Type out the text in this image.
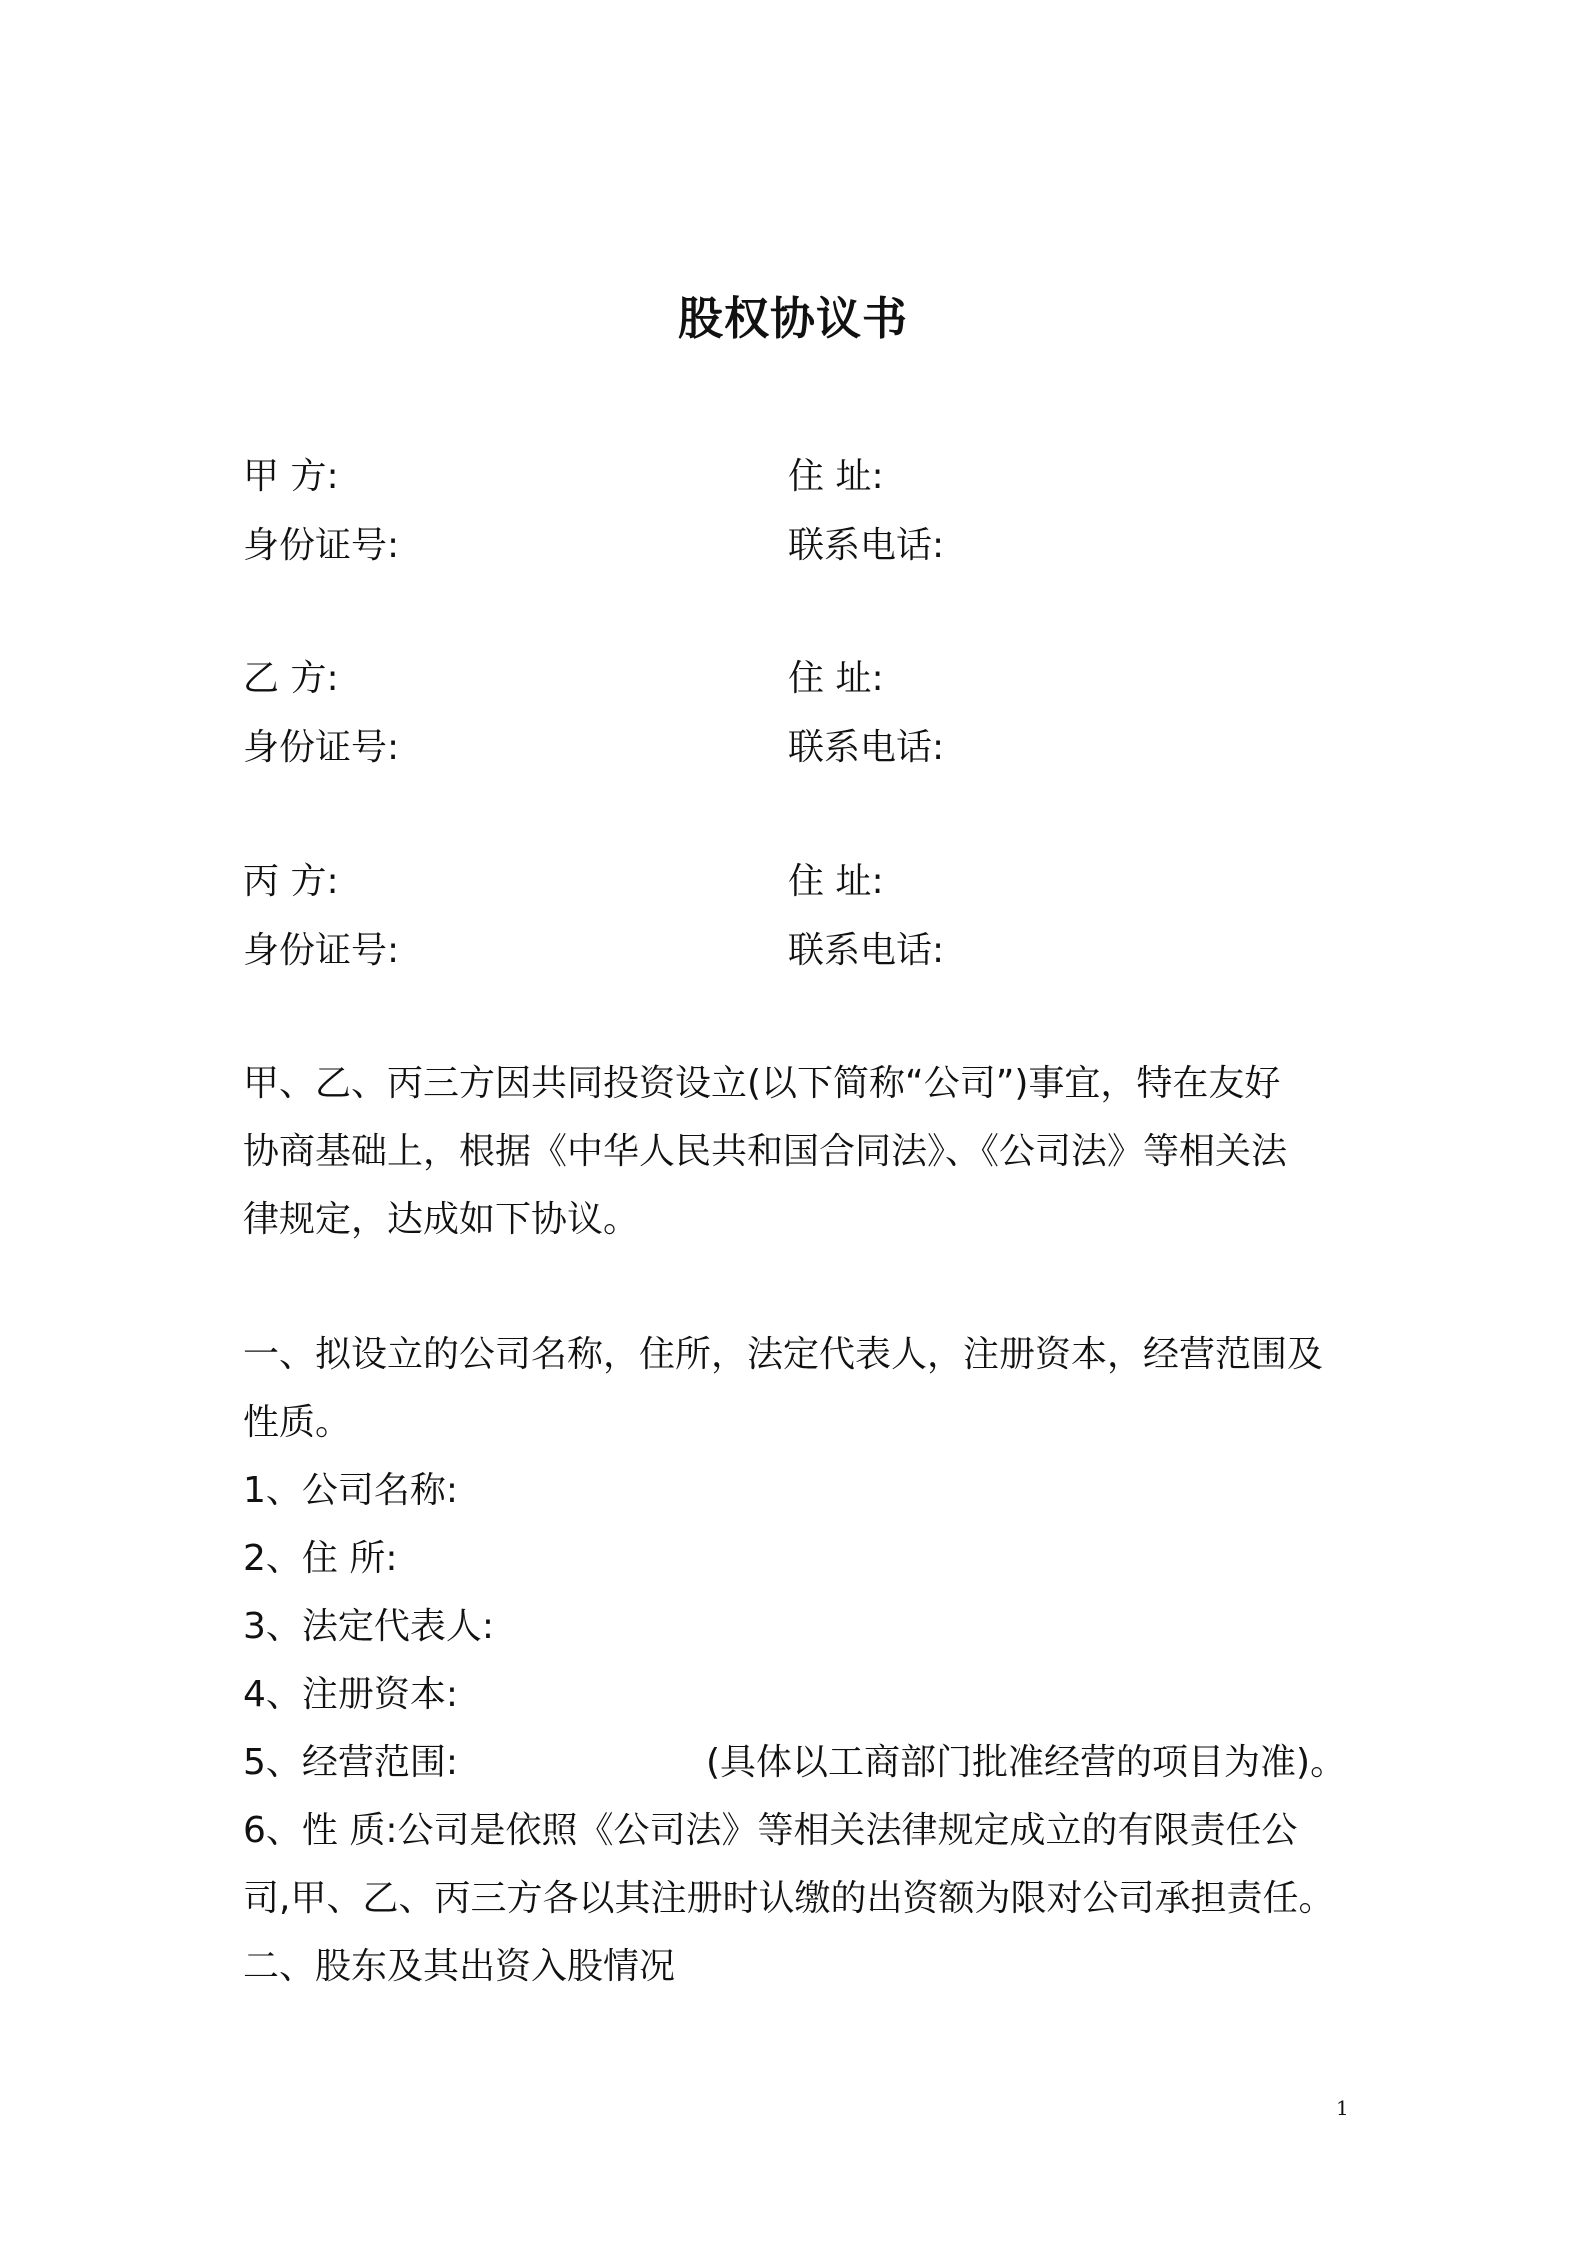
股权协议书
甲 方:	住 址:
身份证号:	联系电话:
乙 方:	住 址:
身份证号:	联系电话:
丙 方:	住 址:
身份证号:	联系电话:
甲、乙、丙三方因共同投资设立(以下简称“公司”)事宜，特在友好
协商基础上，根据《中华人民共和国合同法》、《公司法》等相关法
律规定，达成如下协议。
一、拟设立的公司名称，住所，法定代表人，注册资本，经营范围及
性质。
1、公司名称:
2、住 所:
3、法定代表人:
4、注册资本:
5、经营范围:	(具体以工商部门批准经营的项目为准)。
6、性 质:公司是依照《公司法》等相关法律规定成立的有限责任公
司,甲、乙、丙三方各以其注册时认缴的出资额为限对公司承担责任。
二、股东及其出资入股情况
1
